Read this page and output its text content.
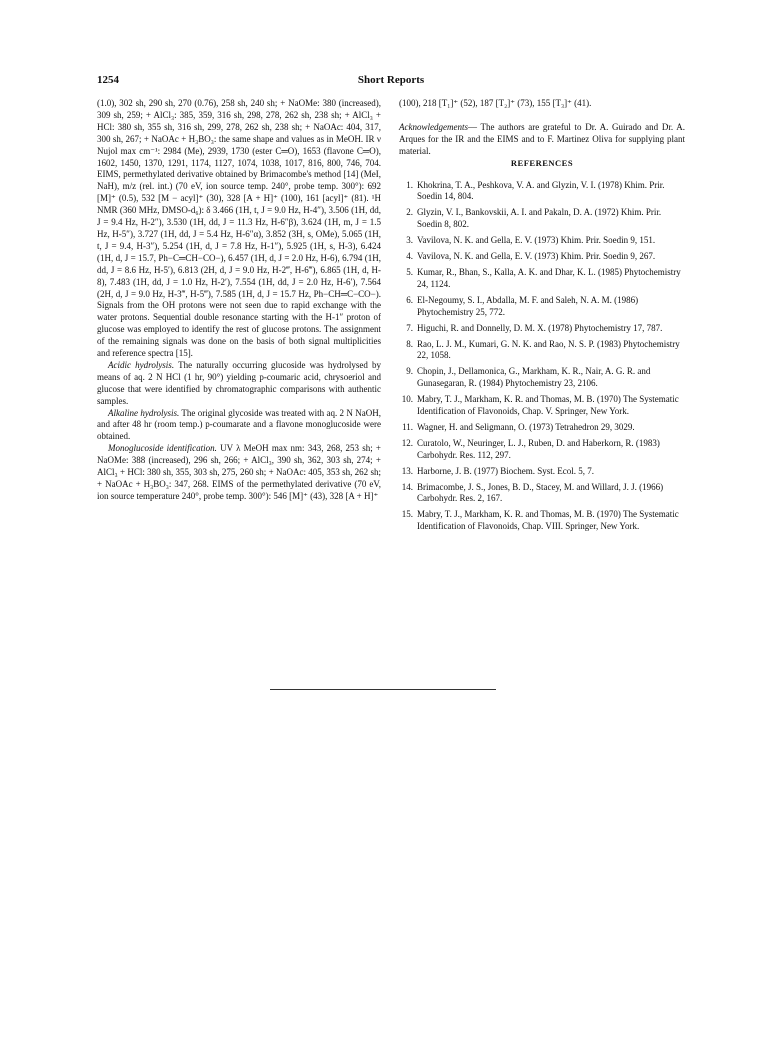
1254	Short Reports

(1.0), 302 sh, 290 sh, 270 (0.76), 258 sh, 240 sh; + NaOMe: 380 (increased), 309 sh, 259; + AlCl₃: 385, 359, 316 sh, 298, 278, 262 sh, 238 sh; + AlCl₃ + HCl: 380 sh, 355 sh, 316 sh, 299, 278, 262 sh, 238 sh; + NaOAc: 404, 317, 300 sh, 267; + NaOAc + H₃BO₃: the same shape and values as in MeOH. IR ν Nujol max cm⁻¹: 2984 (Me), 2939, 1730 (ester C═O), 1653 (flavone C═O), 1602, 1450, 1370, 1291, 1174, 1127, 1074, 1038, 1017, 816, 800, 746, 704. EIMS, permethylated derivative obtained by Brimacombe's method [14] (MeI, NaH), m/z (rel. int.) (70 eV, ion source temp. 240°, probe temp. 300°): 692 [M]⁺ (0.5), 532 [M − acyl]⁺ (30), 328 [A + H]⁺ (100), 161 [acyl]⁺ (81). ¹H NMR (360 MHz, DMSO-d₆): δ 3.466 (1H, t, J = 9.0 Hz, H-4″), 3.506 (1H, dd, J = 9.4 Hz, H-2″), 3.530 (1H, dd, J = 11.3 Hz, H-6″β), 3.624 (1H, m, J = 1.5 Hz, H-5″), 3.727 (1H, dd, J = 5.4 Hz, H-6″α), 3.852 (3H, s, OMe), 5.065 (1H, t, J = 9.4, H-3″), 5.254 (1H, d, J = 7.8 Hz, H-1″), 5.925 (1H, s, H-3), 6.424 (1H, d, J = 15.7, Ph−C═CH−CO−), 6.457 (1H, d, J = 2.0 Hz, H-6), 6.794 (1H, dd, J = 8.6 Hz, H-5′), 6.813 (2H, d, J = 9.0 Hz, H-2‴, H-6‴), 6.865 (1H, d, H-8), 7.483 (1H, dd, J = 1.0 Hz, H-2′), 7.554 (1H, dd, J = 2.0 Hz, H-6′), 7.564 (2H, d, J = 9.0 Hz, H-3‴, H-5‴), 7.585 (1H, d, J = 15.7 Hz, Ph−CH═C−CO−). Signals from the OH protons were not seen due to rapid exchange with the water protons. Sequential double resonance starting with the H-1″ proton of glucose was employed to identify the rest of glucose protons. The assignment of the remaining signals was done on the basis of both signal multiplicities and reference spectra [15].

Acidic hydrolysis. The naturally occurring glucoside was hydrolysed by means of aq. 2 N HCl (1 hr, 90°) yielding p-coumaric acid, chrysoeriol and glucose that were identified by chromatographic comparisons with authentic samples.

Alkaline hydrolysis. The original glycoside was treated with aq. 2 N NaOH, and after 48 hr (room temp.) p-coumarate and a flavone monoglucoside were obtained.

Monoglucoside identification. UV λ MeOH max nm: 343, 268, 253 sh; + NaOMe: 388 (increased), 296 sh, 266; + AlCl₃, 390 sh, 362, 303 sh, 274; + AlCl₃ + HCl: 380 sh, 355, 303 sh, 275, 260 sh; + NaOAc: 405, 353 sh, 262 sh; + NaOAc + H₃BO₃: 347, 268. EIMS of the permethylated derivative (70 eV, ion source temperature 240°, probe temp. 300°): 546 [M]⁺ (43), 328 [A + H]⁺

(100), 218 [T₁]⁺ (52), 187 [T₂]⁺ (73), 155 [T₃]⁺ (41).

Acknowledgements— The authors are grateful to Dr. A. Guirado and Dr. A. Arques for the IR and the EIMS and to F. Martinez Oliva for supplying plant material.

REFERENCES
1. Khokrina, T. A., Peshkova, V. A. and Glyzin, V. I. (1978) Khim. Prir. Soedin 14, 804.
2. Glyzin, V. I., Bankovskii, A. I. and Pakaln, D. A. (1972) Khim. Prir. Soedin 8, 802.
3. Vavilova, N. K. and Gella, E. V. (1973) Khim. Prir. Soedin 9, 151.
4. Vavilova, N. K. and Gella, E. V. (1973) Khim. Prir. Soedin 9, 267.
5. Kumar, R., Bhan, S., Kalla, A. K. and Dhar, K. L. (1985) Phytochemistry 24, 1124.
6. El-Negoumy, S. I., Abdalla, M. F. and Saleh, N. A. M. (1986) Phytochemistry 25, 772.
7. Higuchi, R. and Donnelly, D. M. X. (1978) Phytochemistry 17, 787.
8. Rao, L. J. M., Kumari, G. N. K. and Rao, N. S. P. (1983) Phytochemistry 22, 1058.
9. Chopin, J., Dellamonica, G., Markham, K. R., Nair, A. G. R. and Gunasegaran, R. (1984) Phytochemistry 23, 2106.
10. Mabry, T. J., Markham, K. R. and Thomas, M. B. (1970) The Systematic Identification of Flavonoids, Chap. V. Springer, New York.
11. Wagner, H. and Seligmann, O. (1973) Tetrahedron 29, 3029.
12. Curatolo, W., Neuringer, L. J., Ruben, D. and Haberkorn, R. (1983) Carbohydr. Res. 112, 297.
13. Harborne, J. B. (1977) Biochem. Syst. Ecol. 5, 7.
14. Brimacombe, J. S., Jones, B. D., Stacey, M. and Willard, J. J. (1966) Carbohydr. Res. 2, 167.
15. Mabry, T. J., Markham, K. R. and Thomas, M. B. (1970) The Systematic Identification of Flavonoids, Chap. VIII. Springer, New York.
